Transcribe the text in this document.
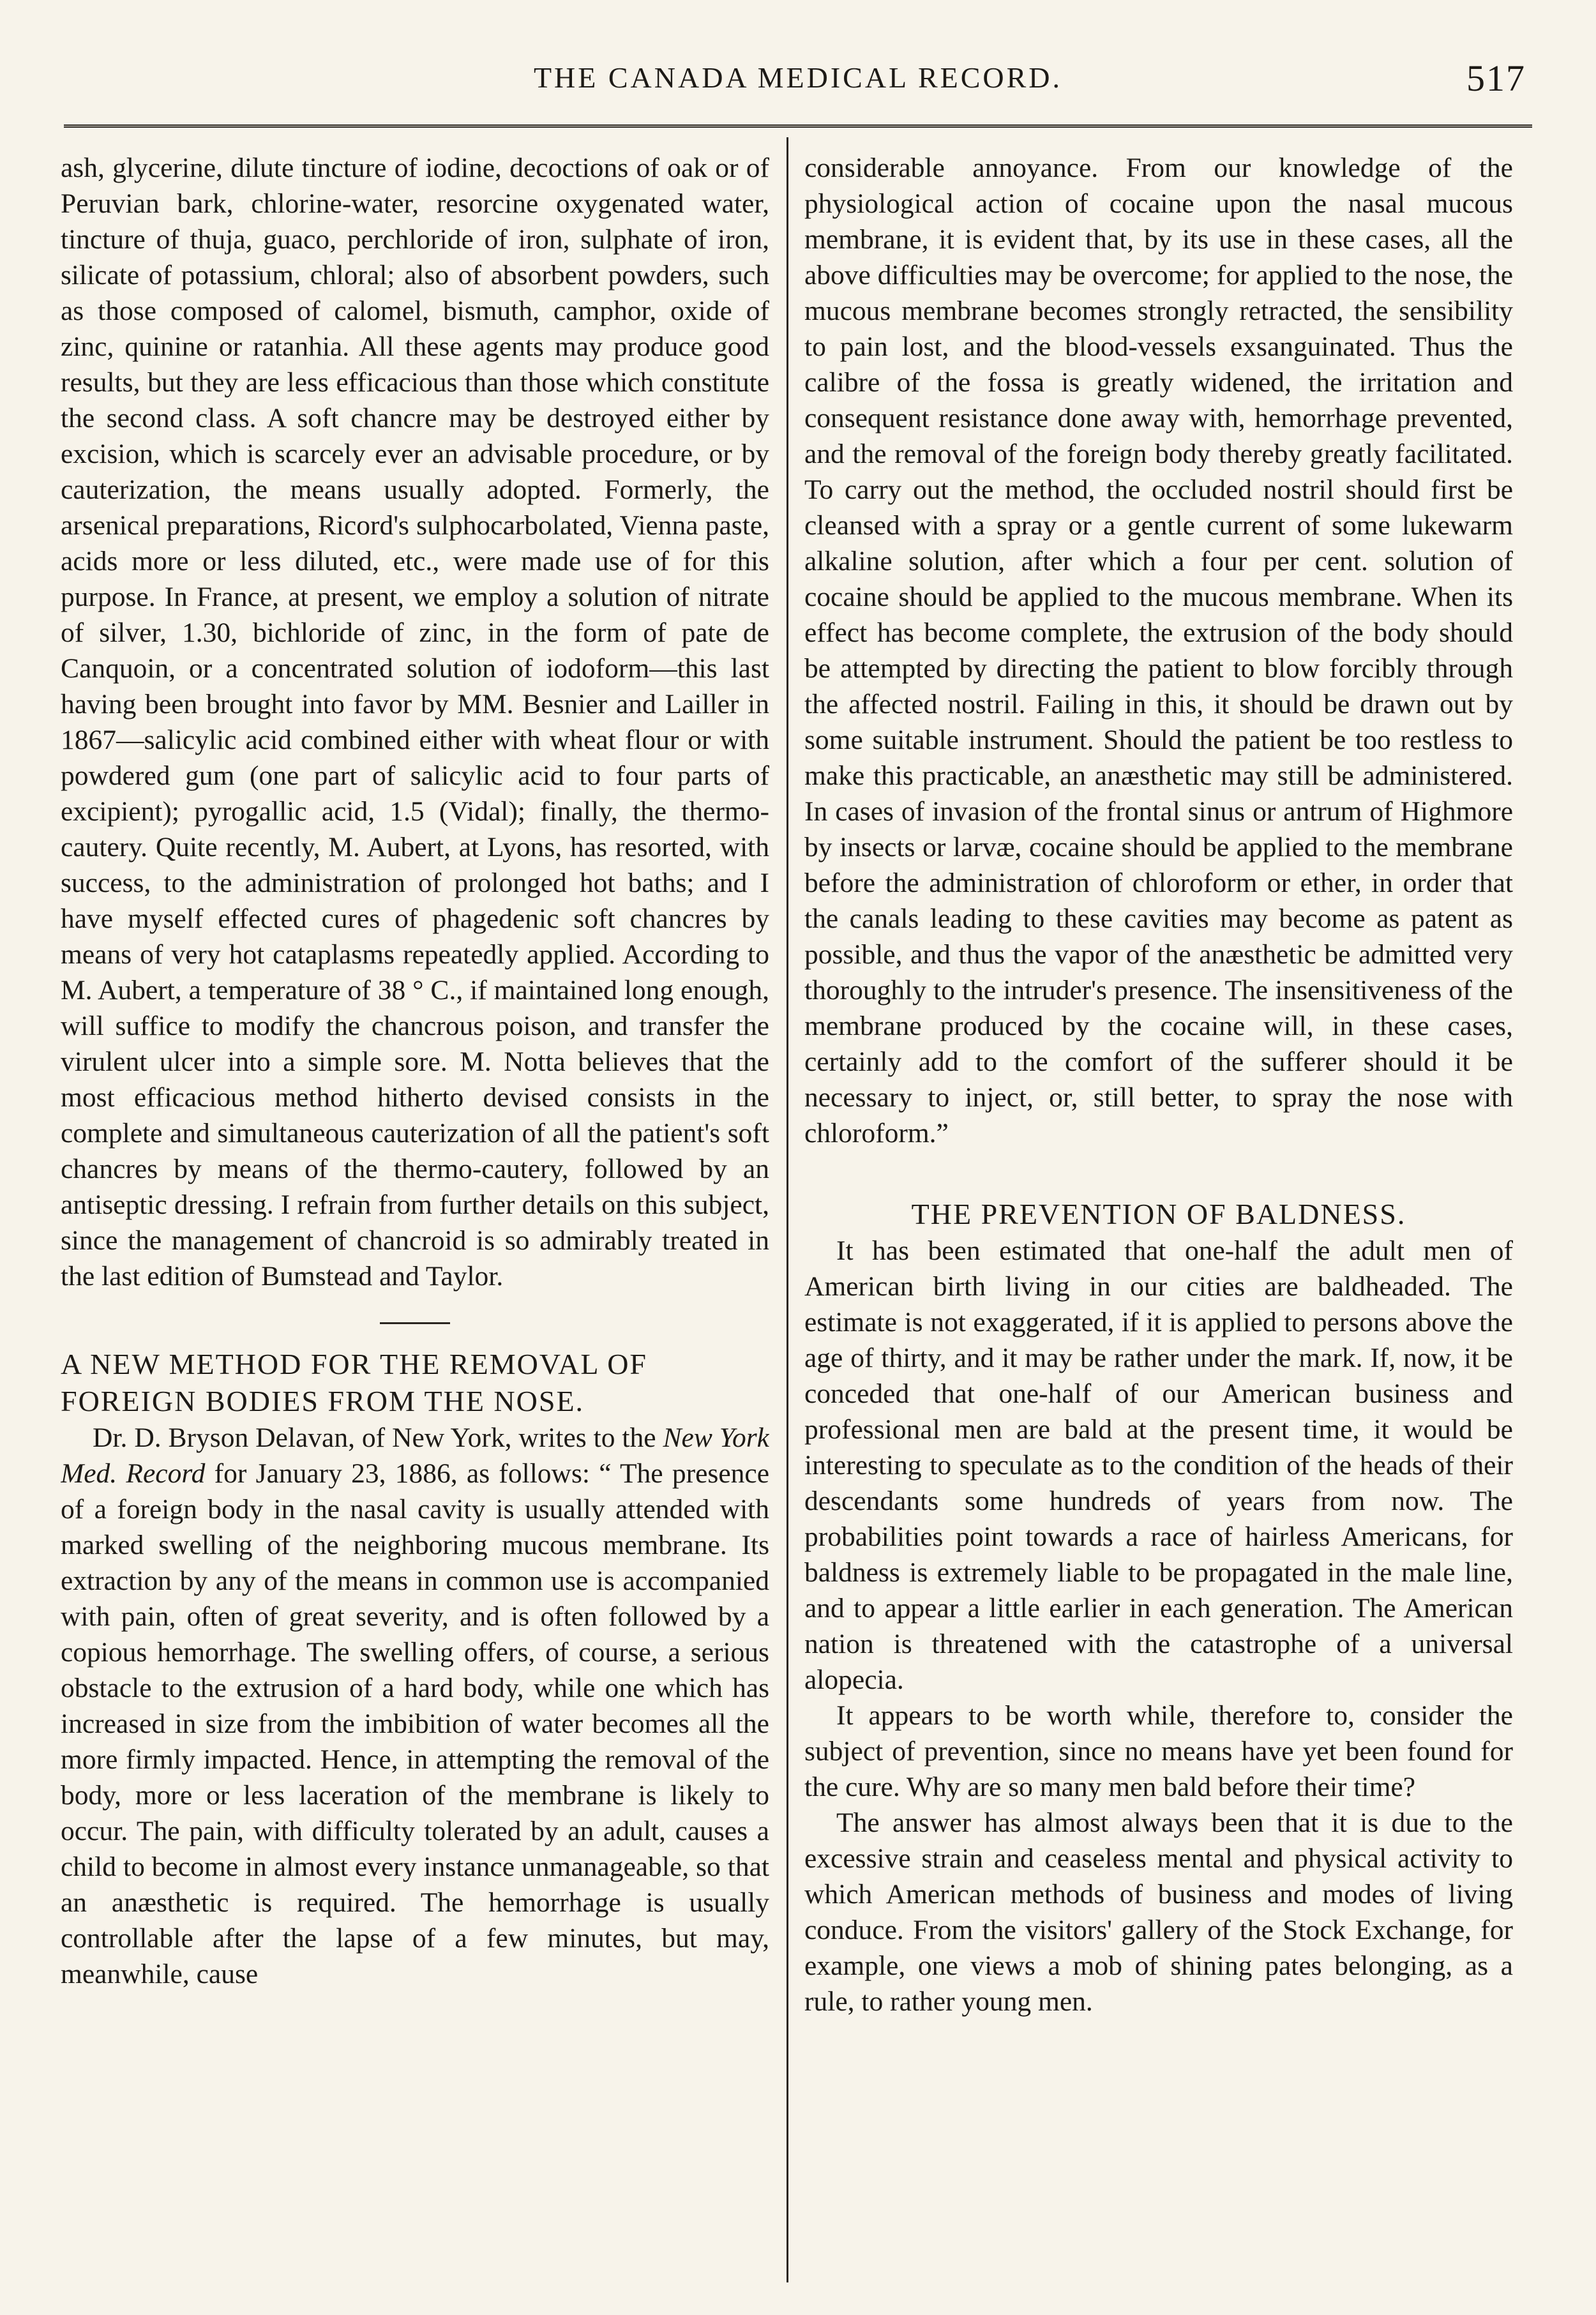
THE CANADA MEDICAL RECORD.	517

ash, glycerine, dilute tincture of iodine, decoctions of oak or of Peruvian bark, chlorine-water, resorcine oxygenated water, tincture of thuja, guaco, perchloride of iron, sulphate of iron, silicate of potassium, chloral; also of absorbent powders, such as those composed of calomel, bismuth, camphor, oxide of zinc, quinine or ratanhia. All these agents may produce good results, but they are less efficacious than those which constitute the second class. A soft chancre may be destroyed either by excision, which is scarcely ever an advisable procedure, or by cauterization, the means usually adopted. Formerly, the arsenical preparations, Ricord's sulphocarbolated, Vienna paste, acids more or less diluted, etc., were made use of for this purpose. In France, at present, we employ a solution of nitrate of silver, 1.30, bichloride of zinc, in the form of pate de Canquoin, or a concentrated solution of iodoform—this last having been brought into favor by MM. Besnier and Lailler in 1867—salicylic acid combined either with wheat flour or with powdered gum (one part of salicylic acid to four parts of excipient); pyrogallic acid, 1.5 (Vidal); finally, the thermo-cautery. Quite recently, M. Aubert, at Lyons, has resorted, with success, to the administration of prolonged hot baths; and I have myself effected cures of phagedenic soft chancres by means of very hot cataplasms repeatedly applied. According to M. Aubert, a temperature of 38 ° C., if maintained long enough, will suffice to modify the chancrous poison, and transfer the virulent ulcer into a simple sore. M. Notta believes that the most efficacious method hitherto devised consists in the complete and simultaneous cauterization of all the patient's soft chancres by means of the thermo-cautery, followed by an antiseptic dressing. I refrain from further details on this subject, since the management of chancroid is so admirably treated in the last edition of Bumstead and Taylor.

A NEW METHOD FOR THE REMOVAL OF FOREIGN BODIES FROM THE NOSE.

Dr. D. Bryson Delavan, of New York, writes to the New York Med. Record for January 23, 1886, as follows: “ The presence of a foreign body in the nasal cavity is usually attended with marked swelling of the neighboring mucous membrane. Its extraction by any of the means in common use is accompanied with pain, often of great severity, and is often followed by a copious hemorrhage. The swelling offers, of course, a serious obstacle to the extrusion of a hard body, while one which has increased in size from the imbibition of water becomes all the more firmly impacted. Hence, in attempting the removal of the body, more or less laceration of the membrane is likely to occur. The pain, with difficulty tolerated by an adult, causes a child to become in almost every instance unmanageable, so that an anæsthetic is required. The hemorrhage is usually controllable after the lapse of a few minutes, but may, meanwhile, cause

considerable annoyance. From our knowledge of the physiological action of cocaine upon the nasal mucous membrane, it is evident that, by its use in these cases, all the above difficulties may be overcome; for applied to the nose, the mucous membrane becomes strongly retracted, the sensibility to pain lost, and the blood-vessels exsanguinated. Thus the calibre of the fossa is greatly widened, the irritation and consequent resistance done away with, hemorrhage prevented, and the removal of the foreign body thereby greatly facilitated. To carry out the method, the occluded nostril should first be cleansed with a spray or a gentle current of some lukewarm alkaline solution, after which a four per cent. solution of cocaine should be applied to the mucous membrane. When its effect has become complete, the extrusion of the body should be attempted by directing the patient to blow forcibly through the affected nostril. Failing in this, it should be drawn out by some suitable instrument. Should the patient be too restless to make this practicable, an anæsthetic may still be administered. In cases of invasion of the frontal sinus or antrum of Highmore by insects or larvæ, cocaine should be applied to the membrane before the administration of chloroform or ether, in order that the canals leading to these cavities may become as patent as possible, and thus the vapor of the anæsthetic be admitted very thoroughly to the intruder's presence. The insensitiveness of the membrane produced by the cocaine will, in these cases, certainly add to the comfort of the sufferer should it be necessary to inject, or, still better, to spray the nose with chloroform.”

THE PREVENTION OF BALDNESS.

It has been estimated that one-half the adult men of American birth living in our cities are baldheaded. The estimate is not exaggerated, if it is applied to persons above the age of thirty, and it may be rather under the mark. If, now, it be conceded that one-half of our American business and professional men are bald at the present time, it would be interesting to speculate as to the condition of the heads of their descendants some hundreds of years from now. The probabilities point towards a race of hairless Americans, for baldness is extremely liable to be propagated in the male line, and to appear a little earlier in each generation. The American nation is threatened with the catastrophe of a universal alopecia.

It appears to be worth while, therefore to, consider the subject of prevention, since no means have yet been found for the cure. Why are so many men bald before their time?

The answer has almost always been that it is due to the excessive strain and ceaseless mental and physical activity to which American methods of business and modes of living conduce. From the visitors' gallery of the Stock Exchange, for example, one views a mob of shining pates belonging, as a rule, to rather young men.
